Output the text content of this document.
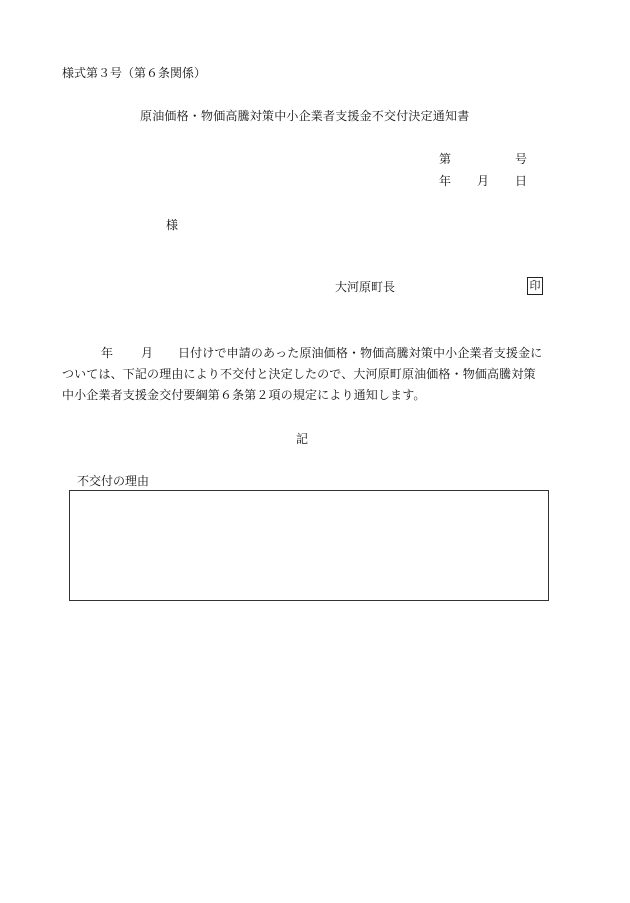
様式第３号（第６条関係）
原油価格・物価高騰対策中小企業者支援金不交付決定通知書
第	号
年 月 日
様
大河原町長	印
年 月 日付けで申請のあった原油価格・物価高騰対策中小企業者支援金に
ついては、下記の理由により不交付と決定したので、大河原町原油価格・物価高騰対策
中小企業者支援金交付要綱第６条第２項の規定により通知します。
記
不交付の理由
